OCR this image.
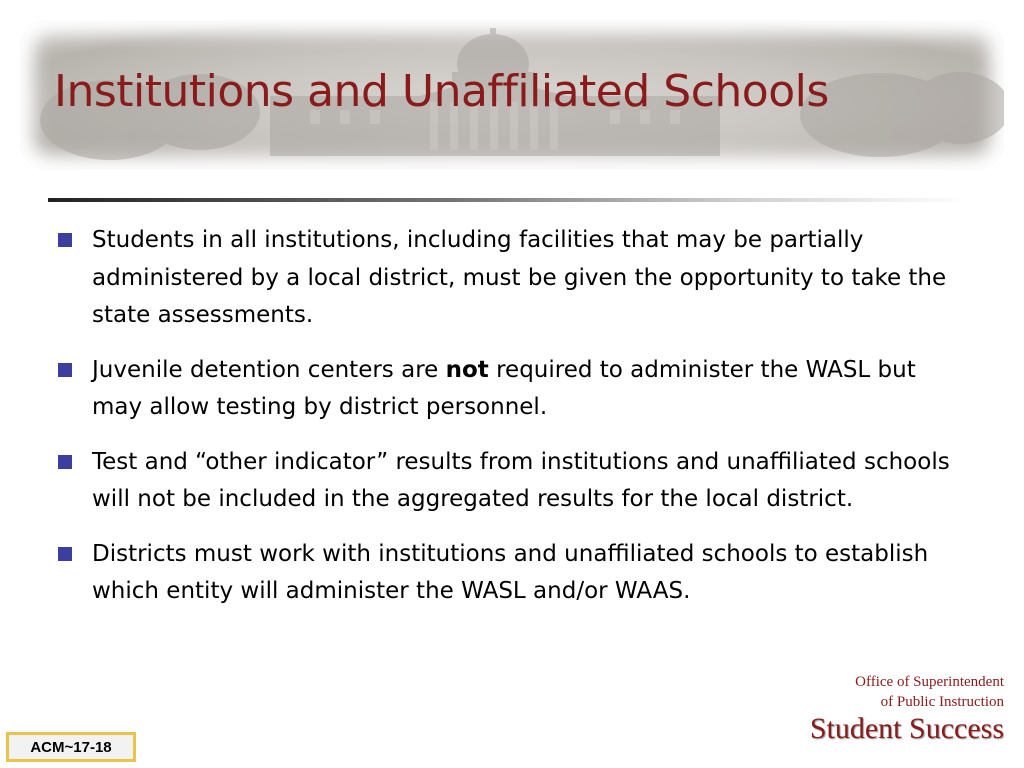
Institutions and Unaffiliated Schools
Students in all institutions, including facilities that may be partially administered by a local district, must be given the opportunity to take the state assessments.
Juvenile detention centers are not required to administer the WASL but may allow testing by district personnel.
Test and “other indicator” results from institutions and unaffiliated schools will not be included in the aggregated results for the local district.
Districts must work with institutions and unaffiliated schools to establish which entity will administer the WASL and/or WAAS.
Office of Superintendent
of Public Instruction
Student Success
ACM~17-18
